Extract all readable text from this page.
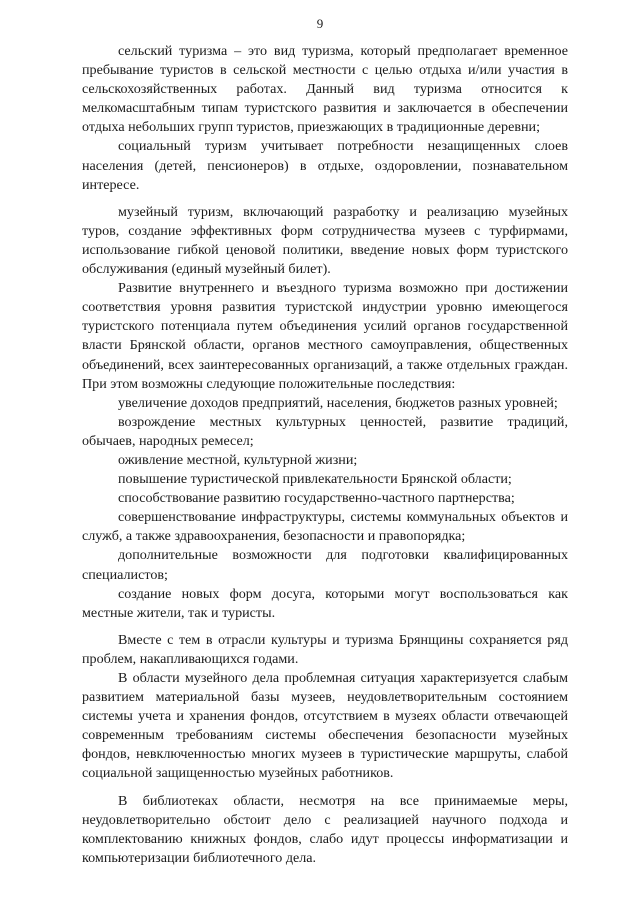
9

сельский туризма – это вид туризма, который предполагает временное пребывание туристов в сельской местности с целью отдыха и/или участия в сельскохозяйственных работах. Данный вид туризма относится к мелкомасштабным типам туристского развития и заключается в обеспечении отдыха небольших групп туристов, приезжающих в традиционные деревни;

социальный туризм учитывает потребности незащищенных слоев населения (детей, пенсионеров) в отдыхе, оздоровлении, познавательном интересе.

музейный туризм, включающий разработку и реализацию музейных туров, создание эффективных форм сотрудничества музеев с турфирмами, использование гибкой ценовой политики, введение новых форм туристского обслуживания (единый музейный билет).

Развитие внутреннего и въездного туризма возможно при достижении соответствия уровня развития туристской индустрии уровню имеющегося туристского потенциала путем объединения усилий органов государственной власти Брянской области, органов местного самоуправления, общественных объединений, всех заинтересованных организаций, а также отдельных граждан. При этом возможны следующие положительные последствия:

увеличение доходов предприятий, населения, бюджетов разных уровней;

возрождение местных культурных ценностей, развитие традиций, обычаев, народных ремесел;

оживление местной, культурной жизни;

повышение туристической привлекательности Брянской области;

способствование развитию государственно-частного партнерства;

совершенствование инфраструктуры, системы коммунальных объектов и служб, а также здравоохранения, безопасности и правопорядка;

дополнительные возможности для подготовки квалифицированных специалистов;

создание новых форм досуга, которыми могут воспользоваться как местные жители, так и туристы.

Вместе с тем в отрасли культуры и туризма Брянщины сохраняется ряд проблем, накапливающихся годами.

В области музейного дела проблемная ситуация характеризуется слабым развитием материальной базы музеев, неудовлетворительным состоянием системы учета и хранения фондов, отсутствием в музеях области отвечающей современным требованиям системы обеспечения безопасности музейных фондов, невключенностью многих музеев в туристические маршруты, слабой социальной защищенностью музейных работников.

В библиотеках области, несмотря на все принимаемые меры, неудовлетворительно обстоит дело с реализацией научного подхода и комплектованию книжных фондов, слабо идут процессы информатизации и компьютеризации библиотечного дела.
